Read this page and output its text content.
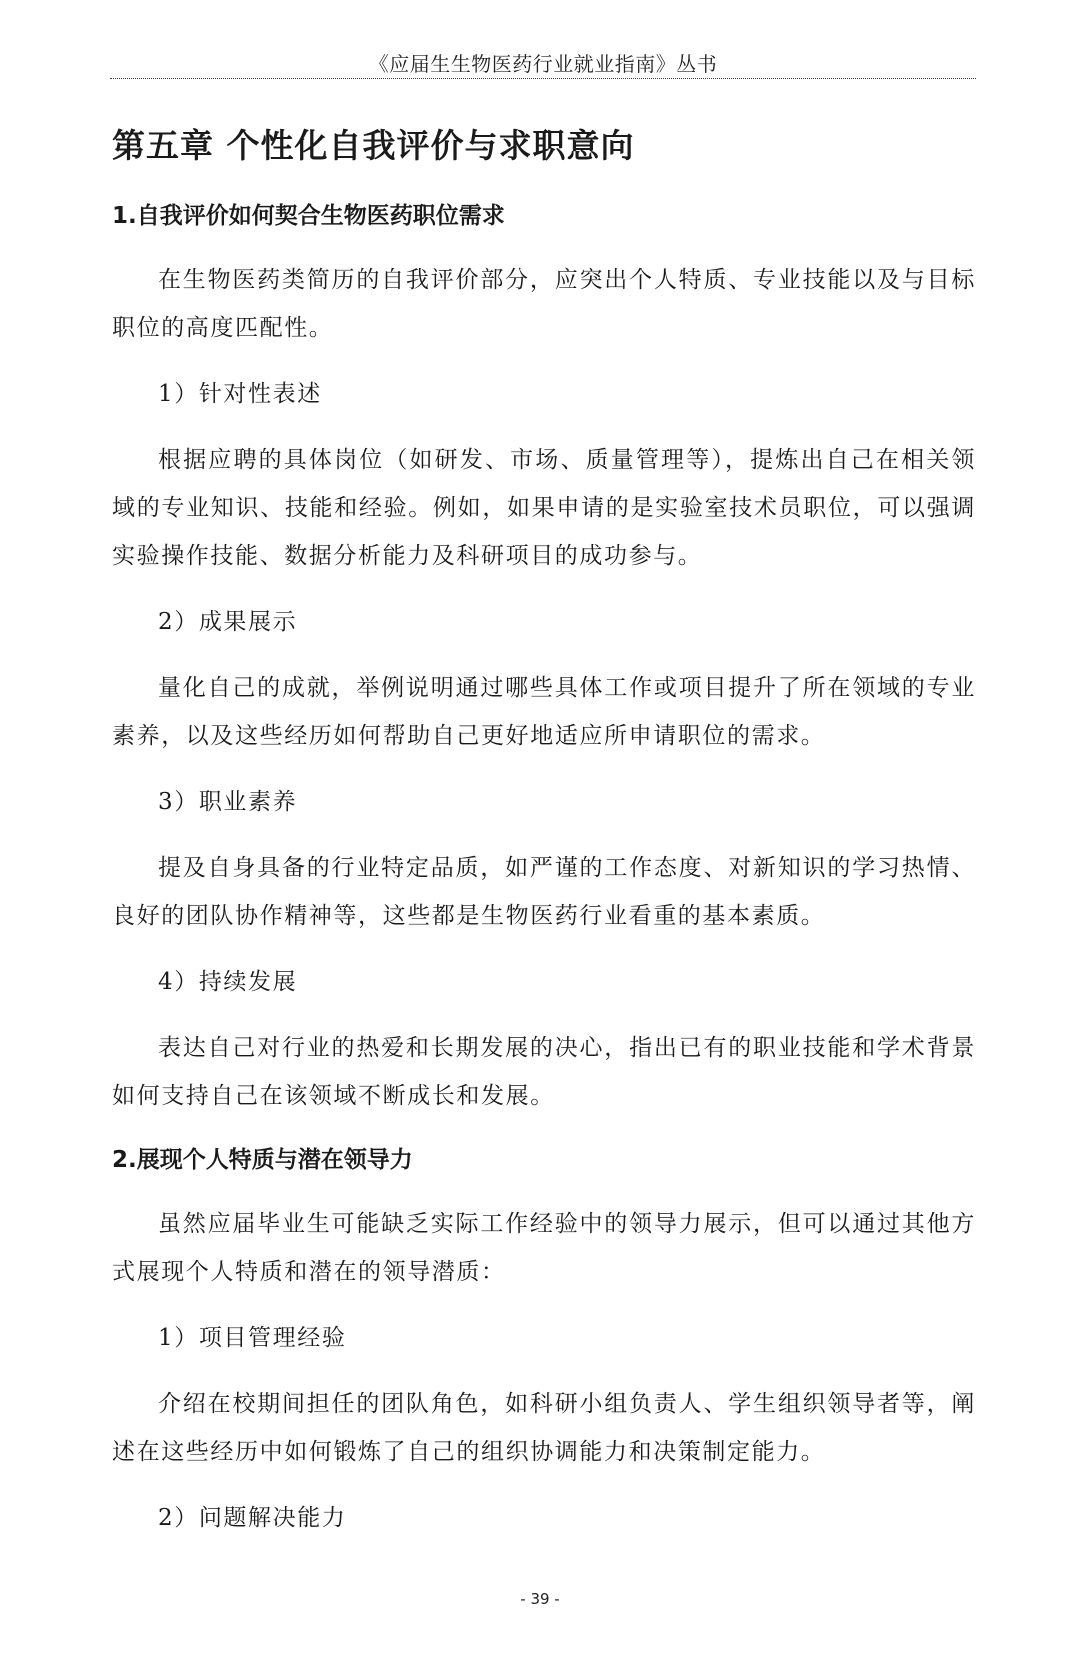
《应届生生物医药行业就业指南》丛书
第五章 个性化自我评价与求职意向
1.自我评价如何契合生物医药职位需求

在生物医药类简历的自我评价部分，应突出个人特质、专业技能以及与目标职位的高度匹配性。

1）针对性表述

根据应聘的具体岗位（如研发、市场、质量管理等），提炼出自己在相关领域的专业知识、技能和经验。例如，如果申请的是实验室技术员职位，可以强调实验操作技能、数据分析能力及科研项目的成功参与。

2）成果展示

量化自己的成就，举例说明通过哪些具体工作或项目提升了所在领域的专业素养，以及这些经历如何帮助自己更好地适应所申请职位的需求。

3）职业素养

提及自身具备的行业特定品质，如严谨的工作态度、对新知识的学习热情、良好的团队协作精神等，这些都是生物医药行业看重的基本素质。

4）持续发展

表达自己对行业的热爱和长期发展的决心，指出已有的职业技能和学术背景如何支持自己在该领域不断成长和发展。

2.展现个人特质与潜在领导力

虽然应届毕业生可能缺乏实际工作经验中的领导力展示，但可以通过其他方式展现个人特质和潜在的领导潜质：

1）项目管理经验

介绍在校期间担任的团队角色，如科研小组负责人、学生组织领导者等，阐述在这些经历中如何锻炼了自己的组织协调能力和决策制定能力。

2）问题解决能力

- 39 -
